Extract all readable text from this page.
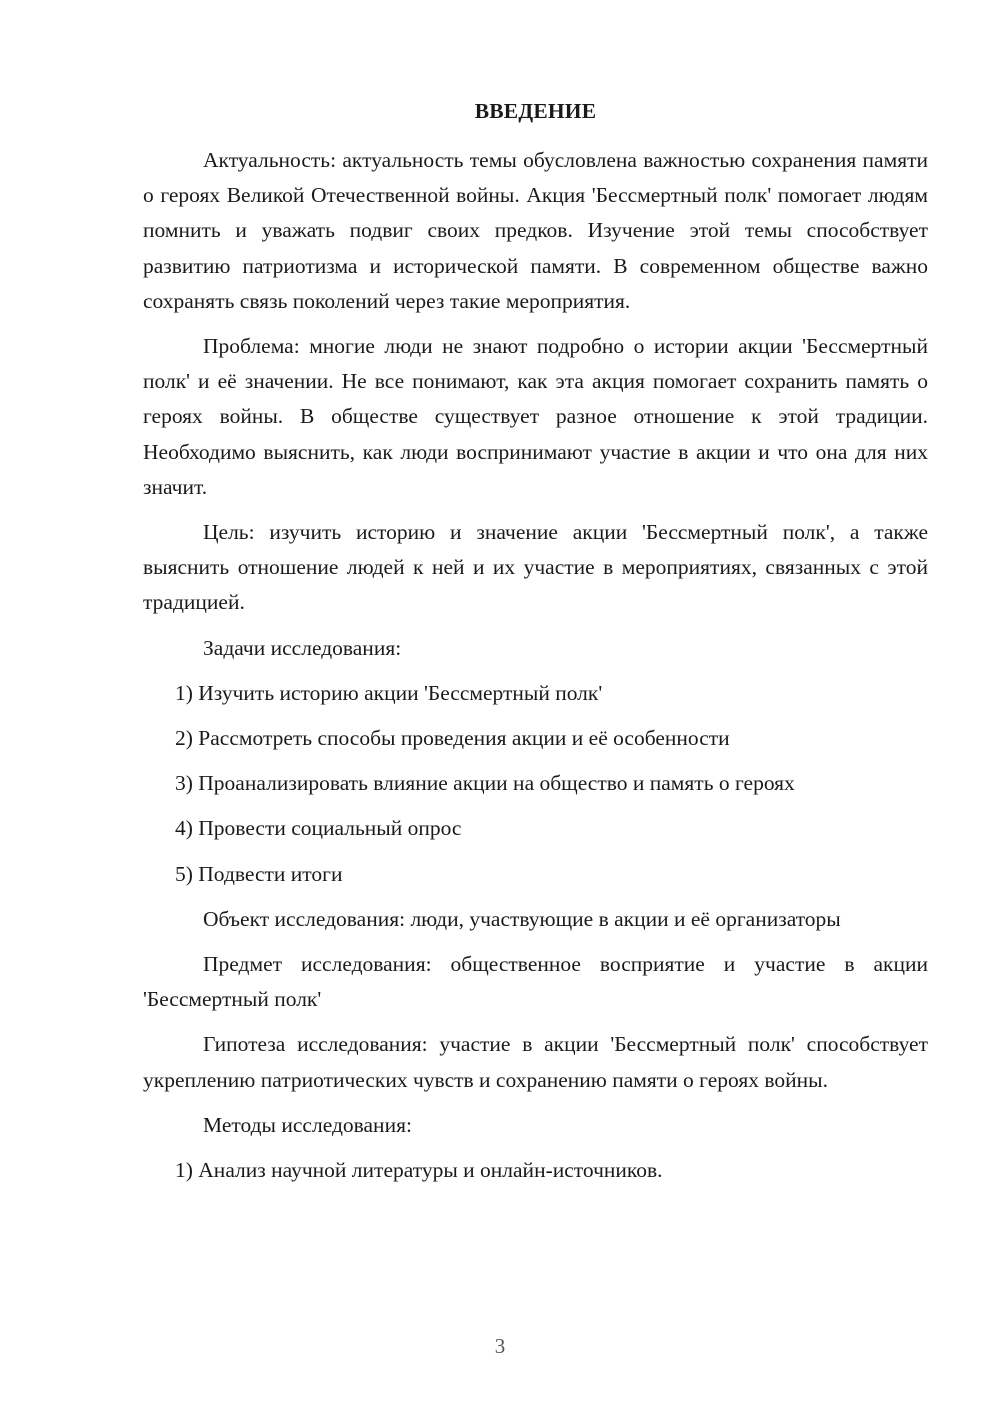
ВВЕДЕНИЕ

Актуальность: актуальность темы обусловлена важностью сохранения памяти о героях Великой Отечественной войны. Акция 'Бессмертный полк' помогает людям помнить и уважать подвиг своих предков. Изучение этой темы способствует развитию патриотизма и исторической памяти. В современном обществе важно сохранять связь поколений через такие мероприятия.

Проблема: многие люди не знают подробно о истории акции 'Бессмертный полк' и её значении. Не все понимают, как эта акция помогает сохранить память о героях войны. В обществе существует разное отношение к этой традиции. Необходимо выяснить, как люди воспринимают участие в акции и что она для них значит.

Цель: изучить историю и значение акции 'Бессмертный полк', а также выяснить отношение людей к ней и их участие в мероприятиях, связанных с этой традицией.

Задачи исследования:

1) Изучить историю акции 'Бессмертный полк'

2) Рассмотреть способы проведения акции и её особенности

3) Проанализировать влияние акции на общество и память о героях

4) Провести социальный опрос

5) Подвести итоги

Объект исследования: люди, участвующие в акции и её организаторы

Предмет исследования: общественное восприятие и участие в акции 'Бессмертный полк'

Гипотеза исследования: участие в акции 'Бессмертный полк' способствует укреплению патриотических чувств и сохранению памяти о героях войны.

Методы исследования:

1) Анализ научной литературы и онлайн-источников.

3
